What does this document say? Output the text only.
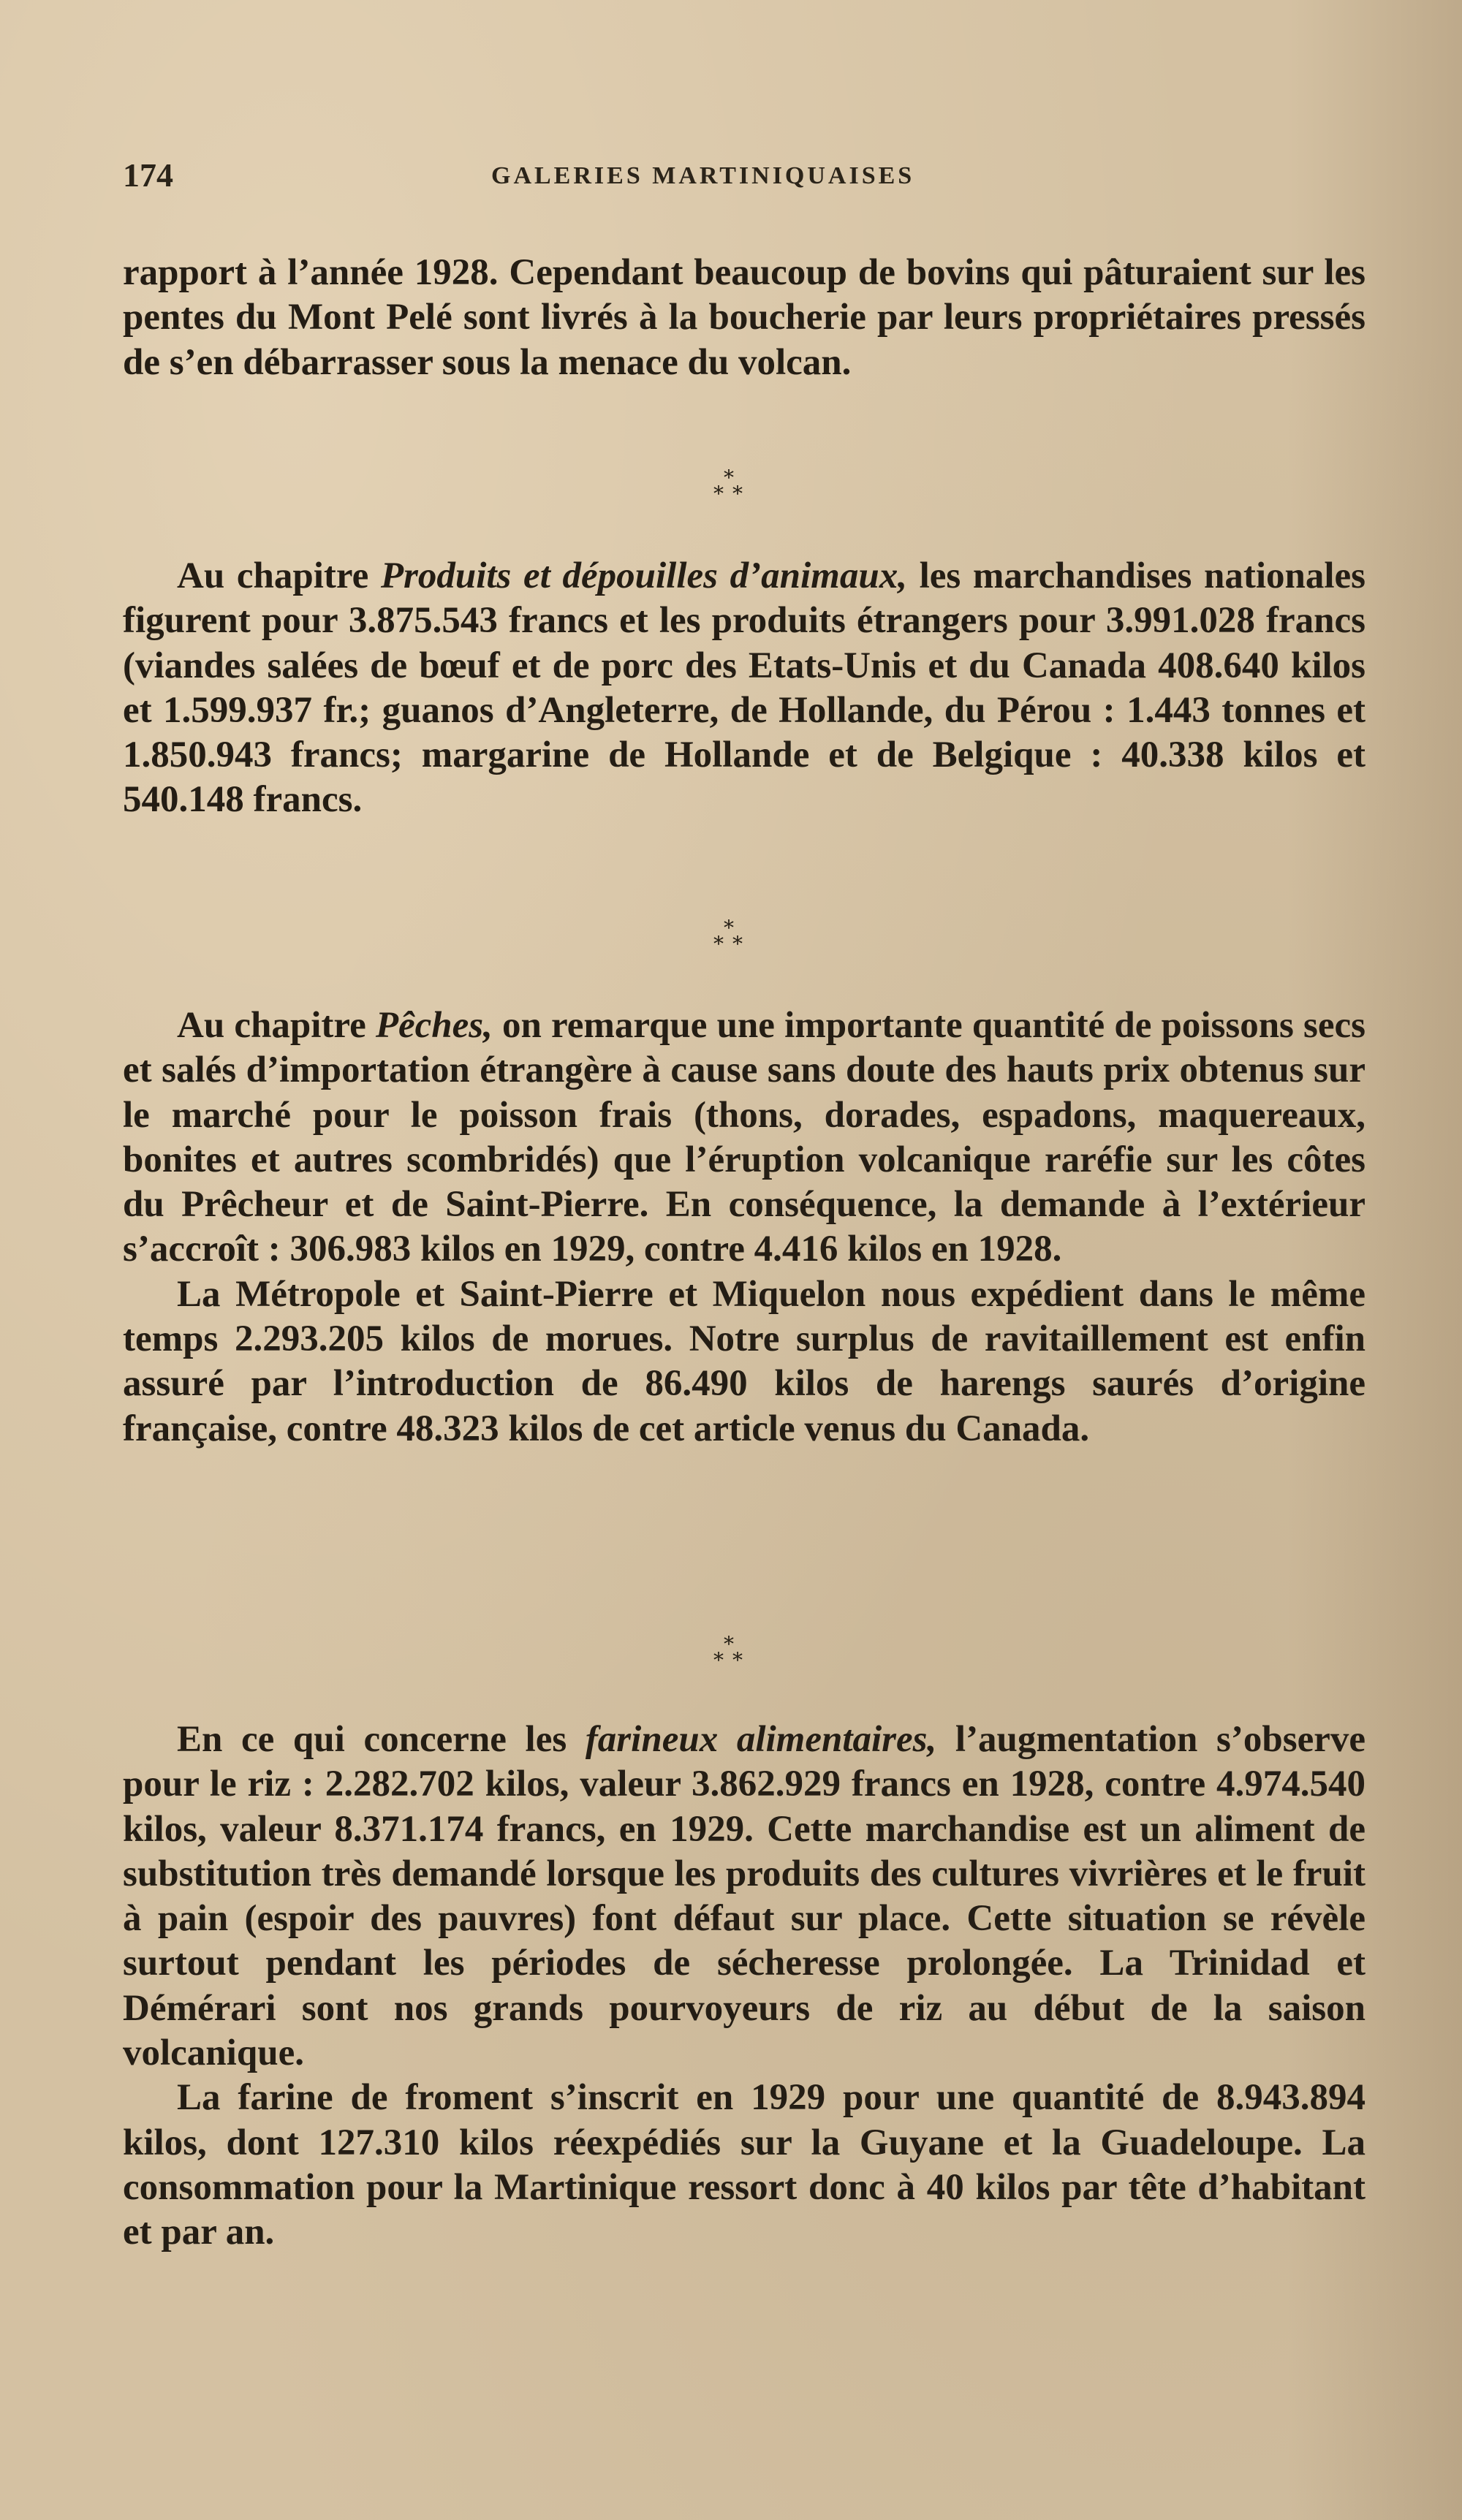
174	GALERIES MARTINIQUAISES

rapport à l’année 1928. Cependant beaucoup de bovins qui pâturaient sur les pentes du Mont Pelé sont livrés à la boucherie par leurs propriétaires pressés de s’en débarrasser sous la menace du volcan.

*
* *

Au chapitre Produits et dépouilles d’animaux, les marchandises nationales figurent pour 3.875.543 francs et les produits étrangers pour 3.991.028 francs (viandes salées de bœuf et de porc des Etats-Unis et du Canada 408.640 kilos et 1.599.937 fr.; guanos d’Angleterre, de Hollande, du Pérou : 1.443 tonnes et 1.850.943 francs; margarine de Hollande et de Belgique : 40.338 kilos et 540.148 francs.

*
* *

Au chapitre Pêches, on remarque une importante quantité de poissons secs et salés d’importation étrangère à cause sans doute des hauts prix obtenus sur le marché pour le poisson frais (thons, dorades, espadons, maquereaux, bonites et autres scombridés) que l’éruption volcanique raréfie sur les côtes du Prêcheur et de Saint-Pierre. En conséquence, la demande à l’extérieur s’accroît : 306.983 kilos en 1929, contre 4.416 kilos en 1928.

La Métropole et Saint-Pierre et Miquelon nous expédient dans le même temps 2.293.205 kilos de morues. Notre surplus de ravitaillement est enfin assuré par l’introduction de 86.490 kilos de harengs saurés d’origine française, contre 48.323 kilos de cet article venus du Canada.

*
* *

En ce qui concerne les farineux alimentaires, l’augmentation s’observe pour le riz : 2.282.702 kilos, valeur 3.862.929 francs en 1928, contre 4.974.540 kilos, valeur 8.371.174 francs, en 1929. Cette marchandise est un aliment de substitution très demandé lorsque les produits des cultures vivrières et le fruit à pain (espoir des pauvres) font défaut sur place. Cette situation se révèle surtout pendant les périodes de sécheresse prolongée. La Trinidad et Démérari sont nos grands pourvoyeurs de riz au début de la saison volcanique.

La farine de froment s’inscrit en 1929 pour une quantité de 8.943.894 kilos, dont 127.310 kilos réexpédiés sur la Guyane et la Guadeloupe. La consommation pour la Martinique ressort donc à 40 kilos par tête d’habitant et par an.
